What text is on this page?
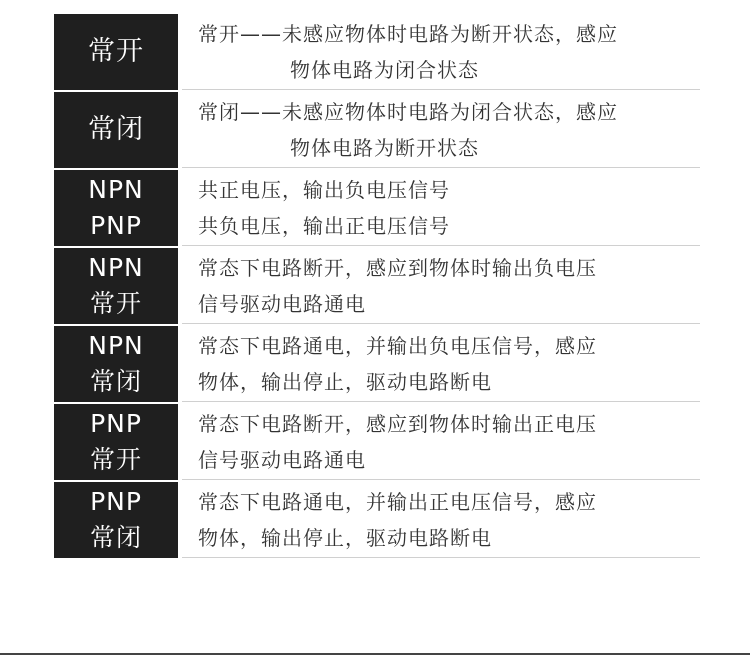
常开
常开——未感应物体时电路为断开状态，感应
物体电路为闭合状态
常闭
常闭——未感应物体时电路为闭合状态，感应
物体电路为断开状态
NPN
PNP
共正电压，输出负电压信号
共负电压，输出正电压信号
NPN
常开
常态下电路断开，感应到物体时输出负电压
信号驱动电路通电
NPN
常闭
常态下电路通电，并输出负电压信号，感应
物体，输出停止，驱动电路断电
PNP
常开
常态下电路断开，感应到物体时输出正电压
信号驱动电路通电
PNP
常闭
常态下电路通电，并输出正电压信号，感应
物体，输出停止，驱动电路断电
